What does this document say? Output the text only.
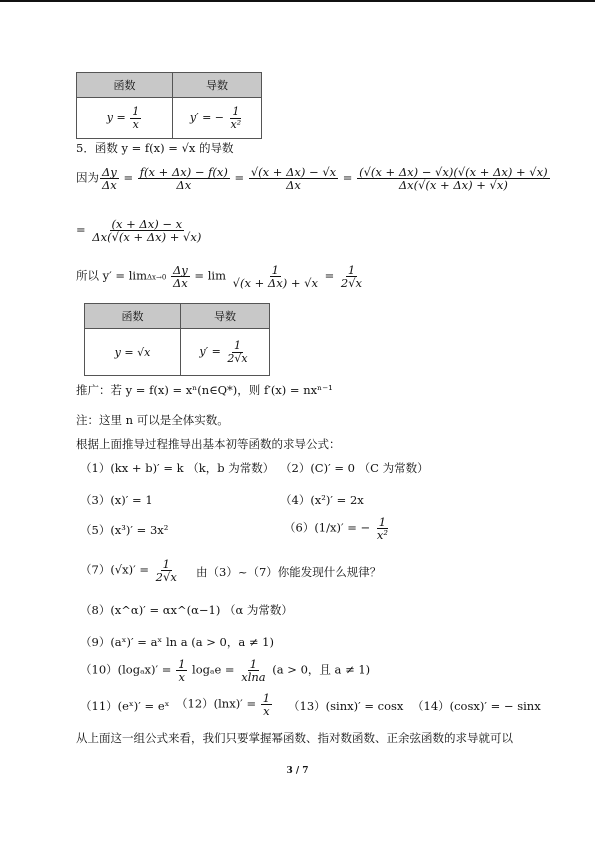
函数	导数
$y = \frac{1}{x}$	y′ = − $\frac{1}{\text{x²}}$
5．函数 y = f(x) = √x 的导数
因为 $\frac{\Delta y}{\Delta x} = \frac{f(x + \Delta x) - f(x)}{\Delta x} = \frac{√(x + \Delta x) - √x}{\Delta x} = \frac{(√(x + \Delta x) - √x)(√(x + \Delta x) + √x)}{\Delta x(√(x + \Delta x) + √x)}$
= $\frac{(x + \Delta x) - x}{\Delta x(√(x + \Delta x) + √x)}$
所以 $y' = \lim\Delta x\to 0 \frac{\Delta y}{\Delta x} = \lim \frac{1}{√(x + \Delta x) + √x} = \frac{1}{2√x}$
函数	导数
y = √x	$y' = \frac{1}{2√x}$
推广：若 y = f(x) = xⁿ(n∈Q*)，则 f′(x) = nxⁿ⁻¹
注：这里 n 可以是全体实数。
根据上面推导过程推导出基本初等函数的求导公式：
（1）(kx + b)′ = k （k，b 为常数） （2）(C)′ = 0 （C 为常数）
（3）(x)′ = 1	（4）(x²)′ = 2x
（5）(x³)′ = 3x²	（6）(1/x)′ = − $\frac{1}{\text{x²}}$
$(7)(√x)' = \frac{1}{2√x}$ 由（3）~（7）你能发现什么规律？
（8）(x^α)′ = αx^(α−1) （α 为常数）
（9）(aˣ)′ = aˣ ln a (a > 0，a ≠ 1)
$(10)(\log_ax)' = \frac{1}{x}$ $\log_ae = \frac{1}{xlna} (a > 0$，且 a ≠ 1)
（11）(eˣ)′ = eˣ $(12)(\ln x)' = \frac{1}{x} (13)(\sin x)' = \cos x$ （14）(cosx)′ = − sinx
从上面这一组公式来看，我们只要掌握幂函数、指对数函数、正余弦函数的求导就可以
3 / 7
